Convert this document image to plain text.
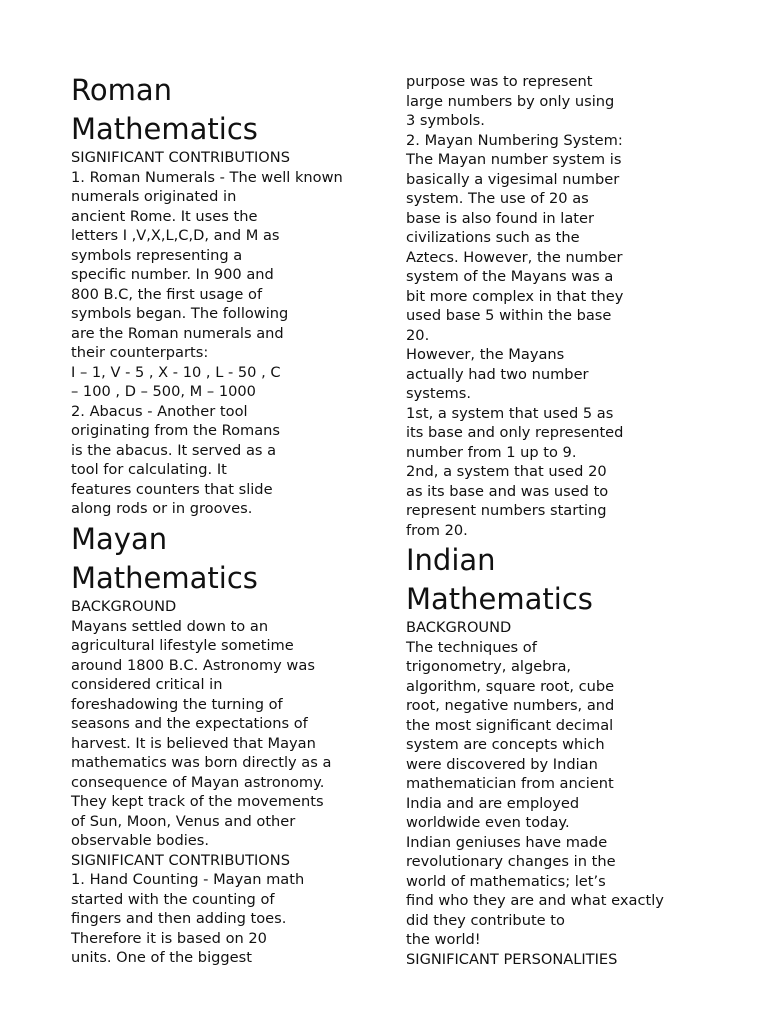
Roman
Mathematics
SIGNIFICANT CONTRIBUTIONS
1. Roman Numerals - The well known
numerals originated in
ancient Rome. It uses the
letters I ,V,X,L,C,D, and M as
symbols representing a
specific number. In 900 and
800 B.C, the first usage of
symbols began. The following
are the Roman numerals and
their counterparts:
I – 1, V - 5 , X - 10 , L - 50 , C
– 100 , D – 500, M – 1000
2. Abacus - Another tool
originating from the Romans
is the abacus. It served as a
tool for calculating. It
features counters that slide
along rods or in grooves.
Mayan
Mathematics
BACKGROUND
Mayans settled down to an
agricultural lifestyle sometime
around 1800 B.C. Astronomy was
considered critical in
foreshadowing the turning of
seasons and the expectations of
harvest. It is believed that Mayan
mathematics was born directly as a
consequence of Mayan astronomy.
They kept track of the movements
of Sun, Moon, Venus and other
observable bodies.
SIGNIFICANT CONTRIBUTIONS
1. Hand Counting - Mayan math
started with the counting of
fingers and then adding toes.
Therefore it is based on 20
units. One of the biggest
purpose was to represent
large numbers by only using
3 symbols.
2. Mayan Numbering System:
The Mayan number system is
basically a vigesimal number
system. The use of 20 as
base is also found in later
civilizations such as the
Aztecs. However, the number
system of the Mayans was a
bit more complex in that they
used base 5 within the base
20.
However, the Mayans
actually had two number
systems.
1st, a system that used 5 as
its base and only represented
number from 1 up to 9.
2nd, a system that used 20
as its base and was used to
represent numbers starting
from 20.
Indian
Mathematics
BACKGROUND
The techniques of
trigonometry, algebra,
algorithm, square root, cube
root, negative numbers, and
the most significant decimal
system are concepts which
were discovered by Indian
mathematician from ancient
India and are employed
worldwide even today.
Indian geniuses have made
revolutionary changes in the
world of mathematics; let’s
find who they are and what exactly
did they contribute to
the world!
SIGNIFICANT PERSONALITIES
